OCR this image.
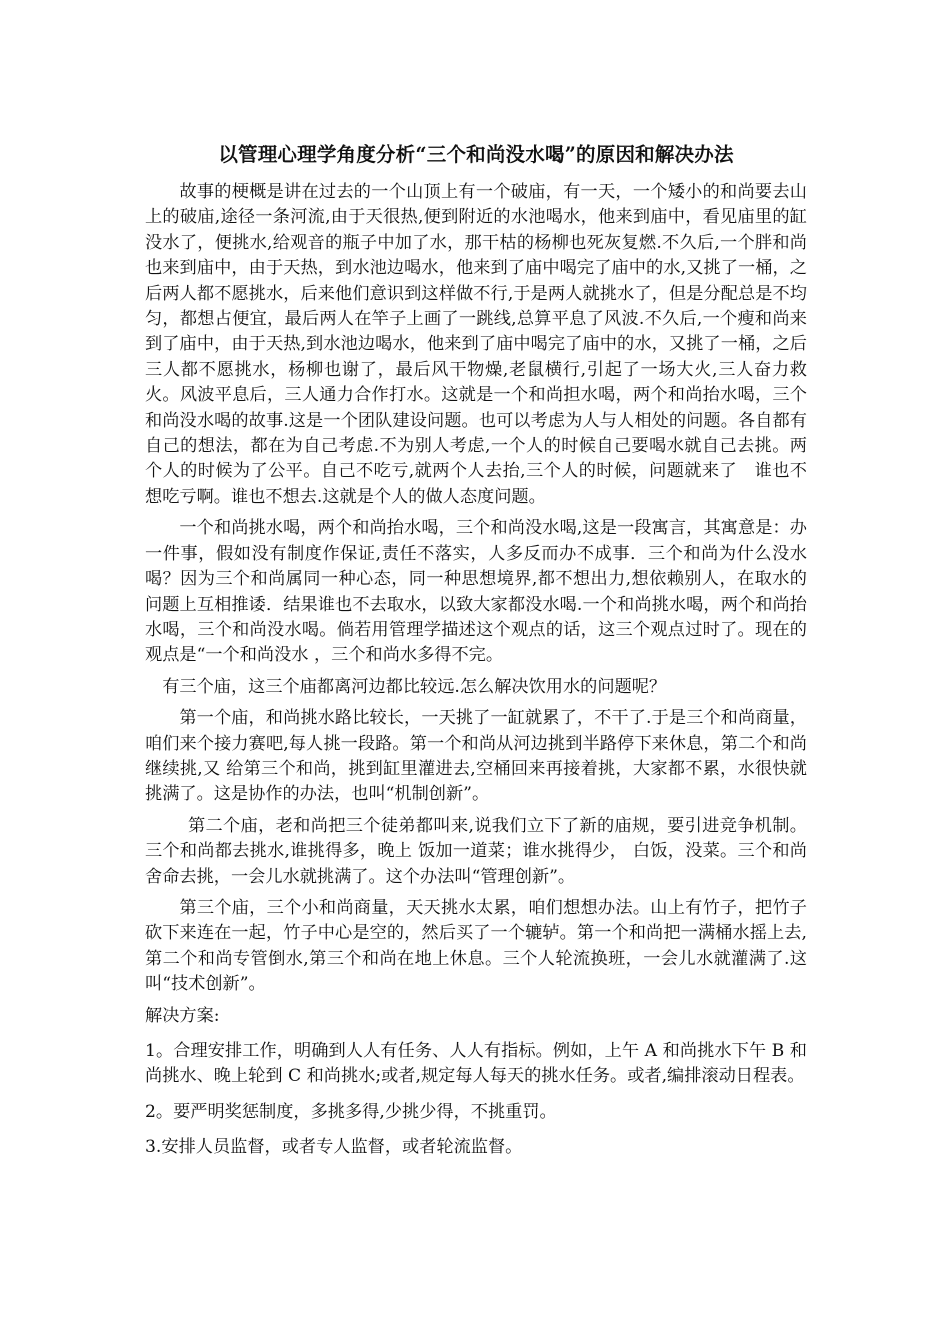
以管理心理学角度分析“三个和尚没水喝”的原因和解决办法

故事的梗概是讲在过去的一个山顶上有一个破庙，有一天，一个矮小的和尚要去山上的破庙,途径一条河流,由于天很热,便到附近的水池喝水，他来到庙中，看见庙里的缸没水了，便挑水,给观音的瓶子中加了水，那干枯的杨柳也死灰复燃.不久后,一个胖和尚也来到庙中，由于天热，到水池边喝水，他来到了庙中喝完了庙中的水,又挑了一桶，之后两人都不愿挑水，后来他们意识到这样做不行,于是两人就挑水了，但是分配总是不均匀，都想占便宜，最后两人在竿子上画了一跳线,总算平息了风波.不久后,一个瘦和尚来到了庙中，由于天热,到水池边喝水，他来到了庙中喝完了庙中的水，又挑了一桶，之后三人都不愿挑水，杨柳也谢了，最后风干物燥,老鼠横行,引起了一场大火,三人奋力救火。风波平息后，三人通力合作打水。这就是一个和尚担水喝，两个和尚抬水喝，三个和尚没水喝的故事.这是一个团队建设问题。也可以考虑为人与人相处的问题。各自都有自己的想法，都在为自己考虑.不为别人考虑,一个人的时候自己要喝水就自己去挑。两个人的时候为了公平。自己不吃亏,就两个人去抬,三个人的时候，问题就来了　谁也不想吃亏啊。谁也不想去.这就是个人的做人态度问题。

一个和尚挑水喝，两个和尚抬水喝，三个和尚没水喝,这是一段寓言，其寓意是：办一件事，假如没有制度作保证,责任不落实，人多反而办不成事．三个和尚为什么没水喝？因为三个和尚属同一种心态，同一种思想境界,都不想出力,想依赖别人，在取水的问题上互相推诿．结果谁也不去取水，以致大家都没水喝.一个和尚挑水喝，两个和尚抬水喝，三个和尚没水喝。倘若用管理学描述这个观点的话，这三个观点过时了。现在的观点是“一个和尚没水 ，三个和尚水多得不完。

有三个庙，这三个庙都离河边都比较远.怎么解决饮用水的问题呢？

第一个庙，和尚挑水路比较长，一天挑了一缸就累了，不干了.于是三个和尚商量，咱们来个接力赛吧,每人挑一段路。第一个和尚从河边挑到半路停下来休息，第二个和尚继续挑,又 给第三个和尚，挑到缸里灌进去,空桶回来再接着挑，大家都不累，水很快就挑满了。这是协作的办法，也叫“机制创新”。

第二个庙，老和尚把三个徒弟都叫来,说我们立下了新的庙规，要引进竞争机制。三个和尚都去挑水,谁挑得多，晚上 饭加一道菜；谁水挑得少， 白饭，没菜。三个和尚舍命去挑，一会儿水就挑满了。这个办法叫“管理创新”。

第三个庙，三个小和尚商量，天天挑水太累，咱们想想办法。山上有竹子，把竹子砍下来连在一起，竹子中心是空的，然后买了一个辘轳。第一个和尚把一满桶水摇上去,第二个和尚专管倒水,第三个和尚在地上休息。三个人轮流换班，一会儿水就灌满了.这叫“技术创新”。

解决方案:

1。合理安排工作，明确到人人有任务、人人有指标。例如，上午 A 和尚挑水下午 B 和尚挑水、晚上轮到 C 和尚挑水;或者,规定每人每天的挑水任务。或者,编排滚动日程表。

2。要严明奖惩制度，多挑多得,少挑少得，不挑重罚。

3.安排人员监督，或者专人监督，或者轮流监督。
